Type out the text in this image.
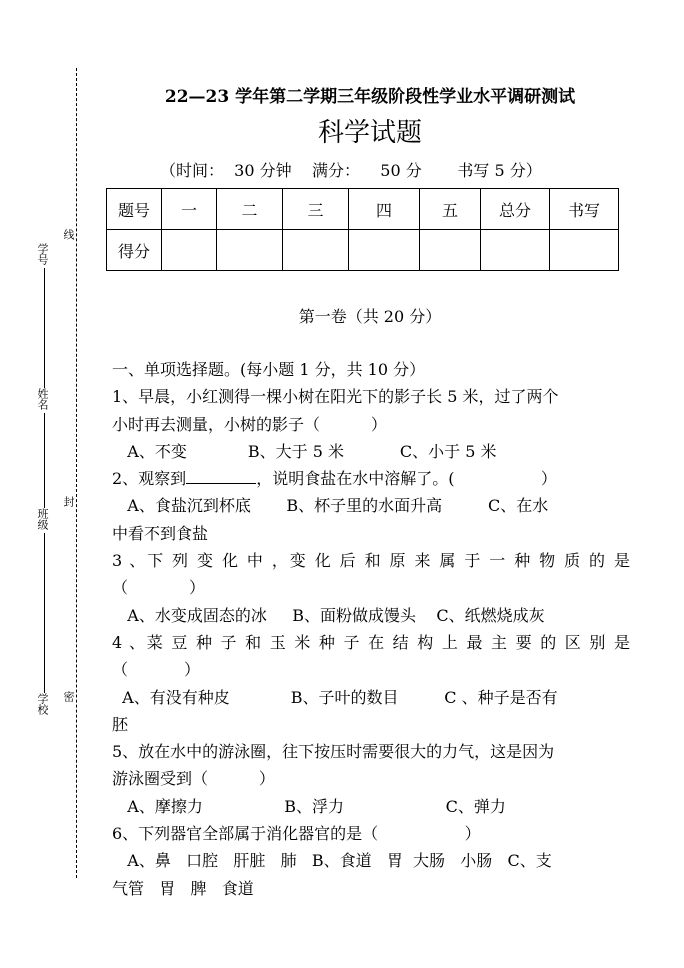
学号
姓名
班级
学校
线
封
密
22—23 学年第二学期三年级阶段性学业水平调研测试
科学试题
（时间：  30 分钟    满分：    50 分       书写 5 分）
题号	一	二	三	四	五	总分	书写
得分							
第一卷（共 20 分）
一、单项选择题。(每小题 1 分，共 10 分）
1、早晨，小红测得一棵小树在阳光下的影子长 5 米，过了两个
小时再去测量，小树的影子（          ）
A、不变            B、大于 5 米           C、小于 5 米
2、观察到	，说明食盐在水中溶解了。(                 ）
A、食盐沉到杯底       B、杯子里的水面升高         C、在水
中看不到食盐
3 、下 列 变 化 中 ，变 化 后 和 原 来 属 于 一 种 物 质 的 是
（            ）
A、水变成固态的冰     B、面粉做成馒头    C、纸燃烧成灰
4 、菜 豆 种 子 和 玉 米 种 子 在 结 构 上 最 主 要 的 区 别 是
（           ）
A、有没有种皮            B、子叶的数目         C 、种子是否有
胚
5、放在水中的游泳圈，往下按压时需要很大的力气，这是因为
游泳圈受到（          ）
A、摩擦力                B、浮力                    C、弹力
6、下列器官全部属于消化器官的是（                 ）
A、鼻   口腔   肝脏   肺   B、食道   胃  大肠   小肠   C、支
气管   胃   脾   食道
